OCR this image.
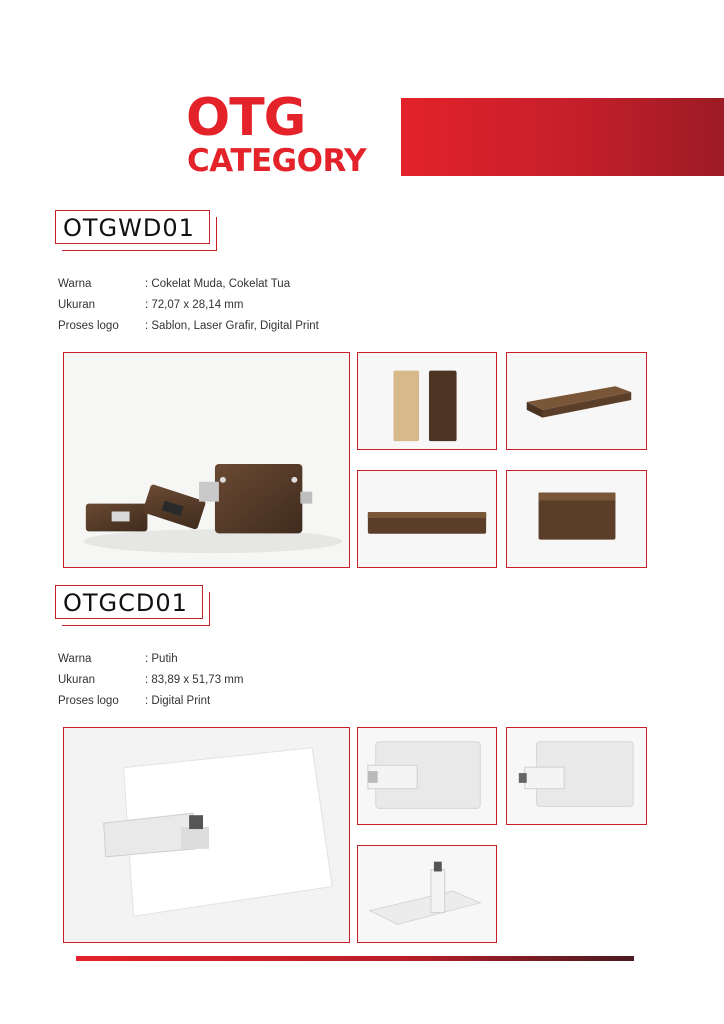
OTG
CATEGORY
OTGWD01
Warna	: Cokelat Muda, Cokelat Tua
Ukuran	: 72,07 x 28,14 mm
Proses logo : Sablon, Laser Grafir, Digital Print
OTGCD01
Warna	: Putih
Ukuran	: 83,89 x 51,73 mm
Proses logo : Digital Print
